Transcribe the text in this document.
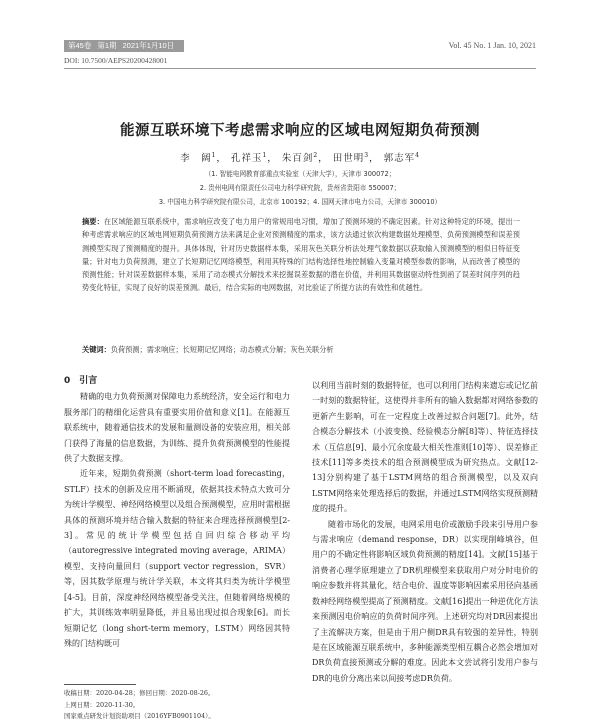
第45卷 第1期 2021年1月10日	Vol. 45 No. 1 Jan. 10, 2021
DOI: 10.7500/AEPS20200428001
能源互联环境下考虑需求响应的区域电网短期负荷预测
李　阔$^1$， 孔祥玉$^1$， 朱百剑$^2$， 田世明$^3$， 郭志军$^4$
（1. 智能电网教育部重点实验室（天津大学），天津市 300072；
2. 贵州电网有限责任公司电力科学研究院，贵州省贵阳市 550007；
3. 中国电力科学研究院有限公司，北京市 100192；4. 国网天津市电力公司，天津市 300010）
摘要：在区域能源互联系统中，需求响应改变了电力用户的常规用电习惯，增加了预测环境的不确定因素。针对这种特定的环境，提出一种考虑需求响应的区域电网短期负荷预测方法来满足企业对预测精度的需求，该方法通过依次构建数据处理模型、负荷预测模型和误差预测模型实现了预测精度的提升。具体体现，针对历史数据样本集，采用灰色关联分析法处理气象数据以获取输入预测模型的相似日特征变量；针对电力负荷预测，建立了长短期记忆网络模型，利用其特殊的门结构选择性地控制输入变量对模型参数的影响，从而改善了模型的预测性能；针对误差数据样本集，采用了动态模式分解技术来挖掘误差数据的潜在价值，并利用其数据驱动特性到函了误差时间序列的趋势变化特征，实现了良好的误差预测。最后，结合实际的电网数据，对比验证了所提方法的有效性和优越性。
关键词：负荷预测；需求响应；长短期记忆网络；动态模式分解；灰色关联分析

0　引言

精确的电力负荷预测对保障电力系统经济，安全运行和电力服务部门的精细化运营具有重要实用价值和意义[1]。在能源互联系统中，随着通信技术的发展和量测设备的安装应用，相关部门获得了海量的信息数据，为训练、提升负荷预测模型的性能提供了大数据支撑。

近年来，短期负荷预测（short-term load forecasting，STLF）技术的创新及应用不断涌现，依据其技术特点大致可分为统计学模型、神经网络模型以及组合预测模型，应用时需根据具体的预测环境并结合输入数据的特征来合理选择预测模型[2-3]。常见的统计学模型包括自回归综合移动平均（autoregressive integrated moving average，ARIMA）模型、支持向量回归（support vector regression，SVR）等，因其数学原理与统计学关联，本文将其归类为统计学模型[4-5]。目前，深度神经网络模型备受关注，但随着网络规模的扩大，其训练效率明显降低，并且易出现过拟合现象[6]。而长短期记忆（long short-term memory，LSTM）网络因其特殊的门结构既可

以利用当前时刻的数据特征，也可以利用门结构来遗忘或记忆前一时刻的数据特征，这使得并非所有的输入数据都对网络参数的更新产生影响，可在一定程度上改善过拟合问题[7]。此外，结合模态分解技术（小波变换、经验模态分解[8]等）、特征选择技术（互信息[9]、最小冗余度最大相关性准则[10]等）、误差修正技术[11]等多类技术的组合预测模型成为研究热点。文献[12-13]分别构建了基于LSTM网络的组合预测模型，以及双向LSTM网络来处理选择后的数据，并通过LSTM网络实现预测精度的提升。

随着市场化的发展，电网采用电价或激励手段来引导用户参与需求响应（demand response，DR）以实现削峰填谷，但用户的不确定性将影响区域负荷预测的精度[14]。文献[15]基于消费者心理学原理建立了DR机理模型来获取用户对分时电价的响应参数并将其量化，结合电价、温度等影响因素采用径向基函数神经网络模型提高了预测精度。文献[16]提出一种逆优化方法来预测因电价响应的负荷时间序列。上述研究均对DR因素提出了主流解决方案，但是由于用户侧DR具有较强的差异性，特别是在区域能源互联系统中，多种能源类型相互耦合必然会增加对DR负荷直接预测或分解的难度。因此本文尝试将引发用户参与DR的电价分离出来以间接考虑DR负荷。

收稿日期：2020-04-28；修回日期：2020-08-26。
上网日期：2020-11-30。
国家重点研发计划资助项目（2016YFB0901104）。
